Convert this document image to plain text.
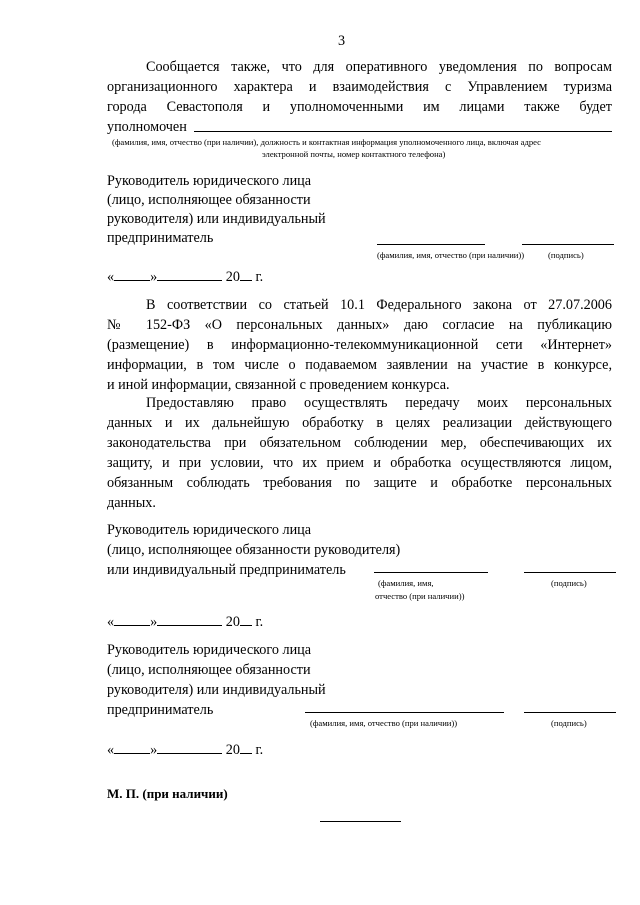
3

Сообщается также, что для оперативного уведомления по вопросам

организационного характера и взаимодействия с Управлением туризма

города Севастополя и уполномоченными им лицами также будет

уполномочен

(фамилия, имя, отчество (при наличии), должность и контактная информация уполномоченного лица, включая адрес
электронной почты, номер контактного телефона)
Руководитель юридического лица
(лицо, исполняющее обязанности
руководителя) или индивидуальный
предприниматель
(фамилия, имя, отчество (при наличии))	(подпись)
«	»	20 г.

В соответствии со статьей 10.1 Федерального закона от 27.07.2006

№ 152-ФЗ «О персональных данных» даю согласие на публикацию

(размещение) в информационно-телекоммуникационной сети «Интернет»

информации, в том числе о подаваемом заявлении на участие в конкурсе,

и иной информации, связанной с проведением конкурса.

Предоставляю право осуществлять передачу моих персональных

данных и их дальнейшую обработку в целях реализации действующего

законодательства при обязательном соблюдении мер, обеспечивающих их

защиту, и при условии, что их прием и обработка осуществляются лицом,

обязанным соблюдать требования по защите и обработке персональных

данных.

Руководитель юридического лица
(лицо, исполняющее обязанности руководителя)
или индивидуальный предприниматель
(фамилия, имя,	(подпись)
отчество (при наличии))
«	»	20 г.
Руководитель юридического лица
(лицо, исполняющее обязанности
руководителя) или индивидуальный
предприниматель
(фамилия, имя, отчество (при наличии))	(подпись)
«	»	20 г.
М. П. (при наличии)
